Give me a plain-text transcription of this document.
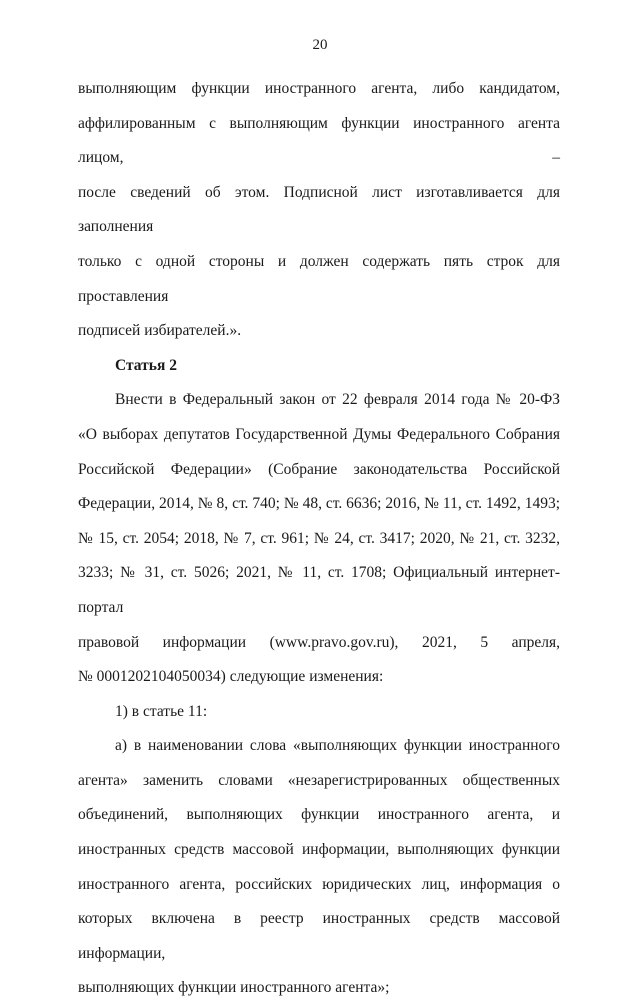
20

выполняющим функции иностранного агента, либо кандидатом,

аффилированным с выполняющим функции иностранного агента лицом, –

после сведений об этом. Подписной лист изготавливается для заполнения

только с одной стороны и должен содержать пять строк для проставления

подписей избирателей.».

Статья 2

Внести в Федеральный закон от 22 февраля 2014 года № 20-ФЗ

«О выборах депутатов Государственной Думы Федерального Собрания

Российской Федерации» (Собрание законодательства Российской

Федерации, 2014, № 8, ст. 740; № 48, ст. 6636; 2016, № 11, ст. 1492, 1493;

№ 15, ст. 2054; 2018, № 7, ст. 961; № 24, ст. 3417; 2020, № 21, ст. 3232,

3233; № 31, ст. 5026; 2021, № 11, ст. 1708; Официальный интернет-портал

правовой информации (www.pravo.gov.ru), 2021, 5 апреля,

№ 0001202104050034) следующие изменения:

1) в статье 11:

а) в наименовании слова «выполняющих функции иностранного

агента» заменить словами «незарегистрированных общественных

объединений, выполняющих функции иностранного агента, и

иностранных средств массовой информации, выполняющих функции

иностранного агента, российских юридических лиц, информация о

которых включена в реестр иностранных средств массовой информации,

выполняющих функции иностранного агента»;
